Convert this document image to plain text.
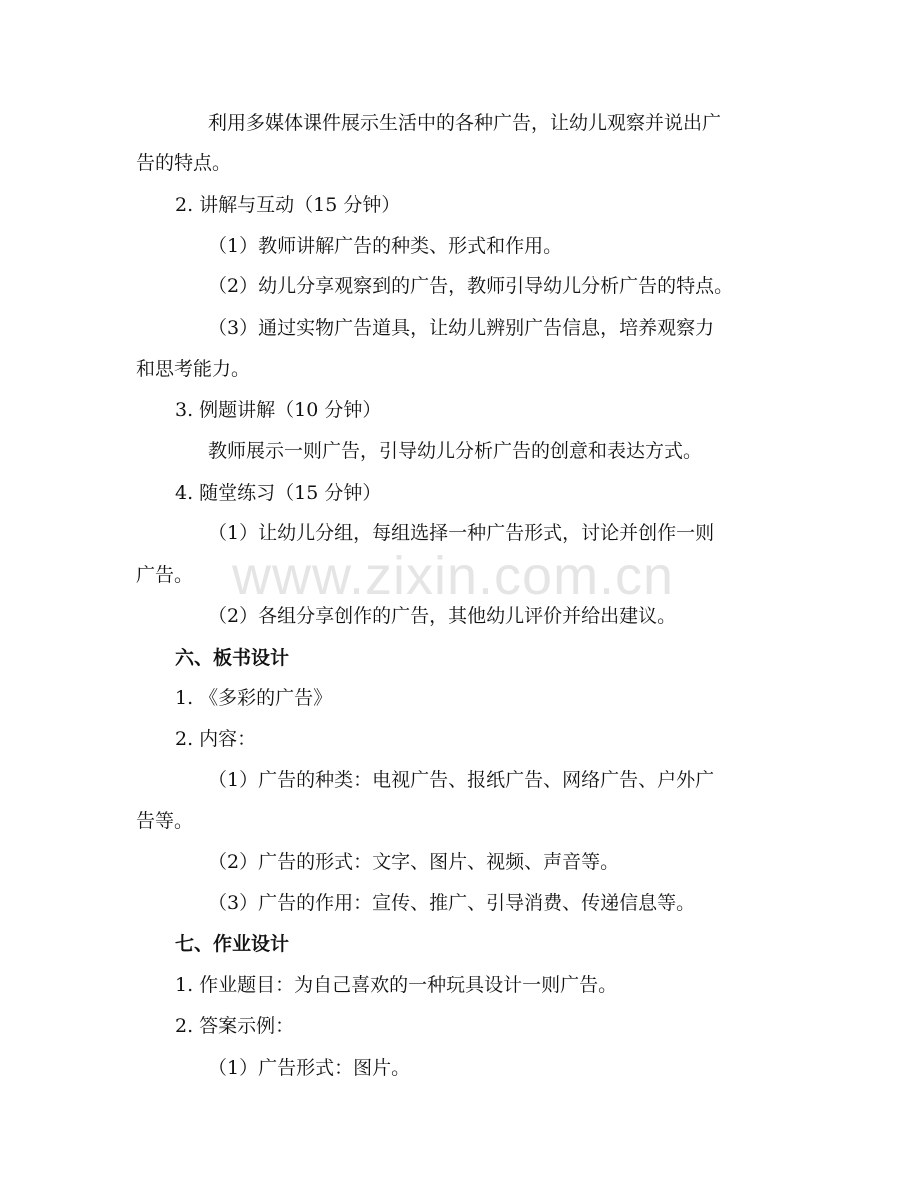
利用多媒体课件展示生活中的各种广告，让幼儿观察并说出广
告的特点。
2. 讲解与互动（15 分钟）
（1）教师讲解广告的种类、形式和作用。
（2）幼儿分享观察到的广告，教师引导幼儿分析广告的特点。
（3）通过实物广告道具，让幼儿辨别广告信息，培养观察力
和思考能力。
3. 例题讲解（10 分钟）
教师展示一则广告，引导幼儿分析广告的创意和表达方式。
4. 随堂练习（15 分钟）
（1）让幼儿分组，每组选择一种广告形式，讨论并创作一则
广告。
（2）各组分享创作的广告，其他幼儿评价并给出建议。
六、板书设计
1. 《多彩的广告》
2. 内容：
（1）广告的种类：电视广告、报纸广告、网络广告、户外广
告等。
（2）广告的形式：文字、图片、视频、声音等。
（3）广告的作用：宣传、推广、引导消费、传递信息等。
七、作业设计
1. 作业题目：为自己喜欢的一种玩具设计一则广告。
2. 答案示例：
（1）广告形式：图片。
www.zixin.com.cn
